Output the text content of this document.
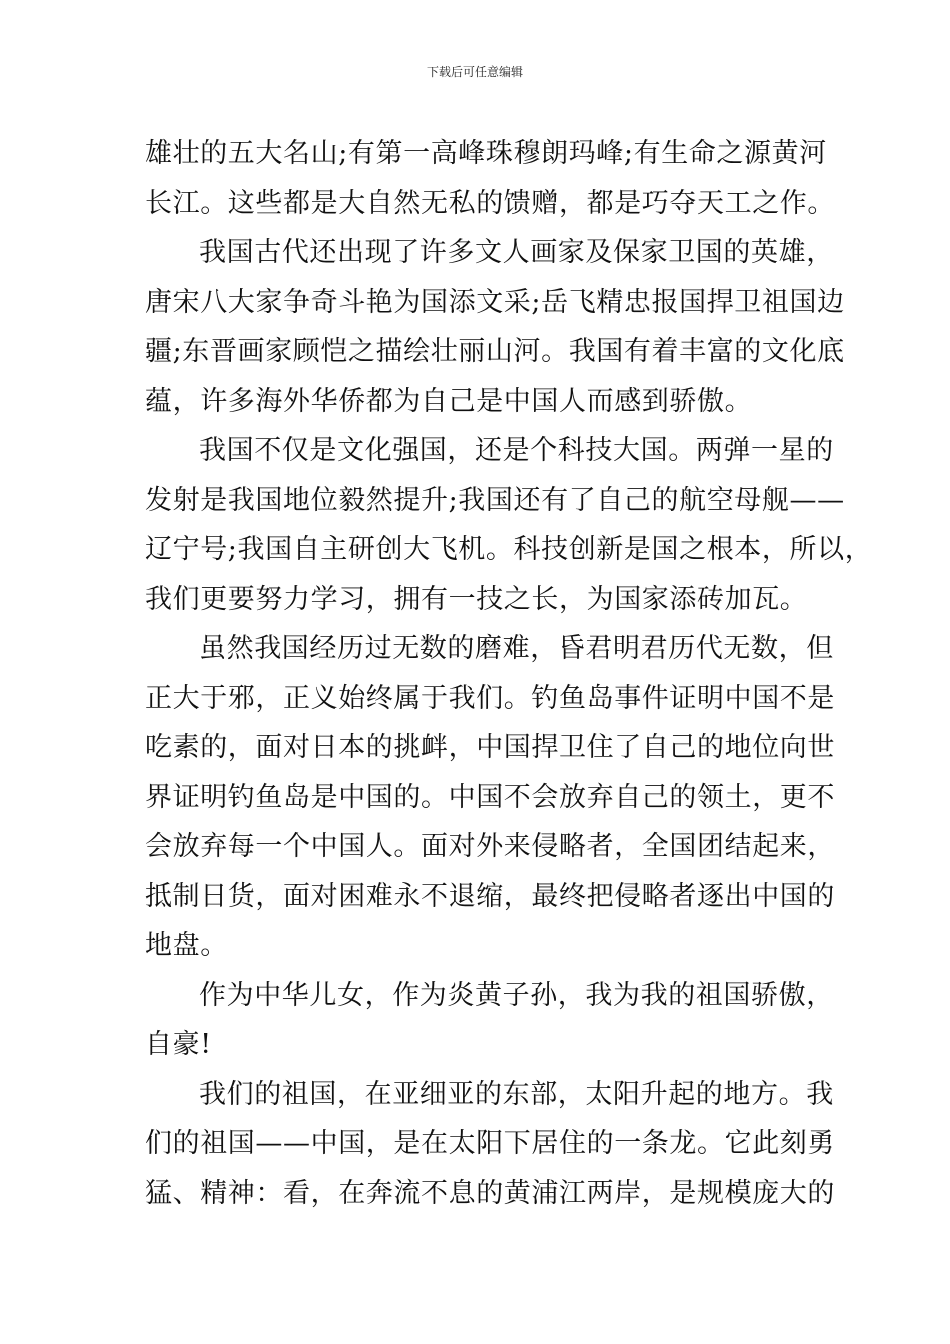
下载后可任意编辑
雄壮的五大名山;有第一高峰珠穆朗玛峰;有生命之源黄河
长江。这些都是大自然无私的馈赠，都是巧夺天工之作。
我国古代还出现了许多文人画家及保家卫国的英雄，
唐宋八大家争奇斗艳为国添文采;岳飞精忠报国捍卫祖国边
疆;东晋画家顾恺之描绘壮丽山河。我国有着丰富的文化底
蕴，许多海外华侨都为自己是中国人而感到骄傲。
我国不仅是文化强国，还是个科技大国。两弹一星的
发射是我国地位毅然提升;我国还有了自己的航空母舰——
辽宁号;我国自主研创大飞机。科技创新是国之根本，所以，
我们更要努力学习，拥有一技之长，为国家添砖加瓦。
虽然我国经历过无数的磨难，昏君明君历代无数，但
正大于邪，正义始终属于我们。钓鱼岛事件证明中国不是
吃素的，面对日本的挑衅，中国捍卫住了自己的地位向世
界证明钓鱼岛是中国的。中国不会放弃自己的领土，更不
会放弃每一个中国人。面对外来侵略者，全国团结起来，
抵制日货，面对困难永不退缩，最终把侵略者逐出中国的
地盘。
作为中华儿女，作为炎黄子孙，我为我的祖国骄傲，
自豪!
我们的祖国，在亚细亚的东部，太阳升起的地方。我
们的祖国——中国，是在太阳下居住的一条龙。它此刻勇
猛、精神：看，在奔流不息的黄浦江两岸，是规模庞大的
